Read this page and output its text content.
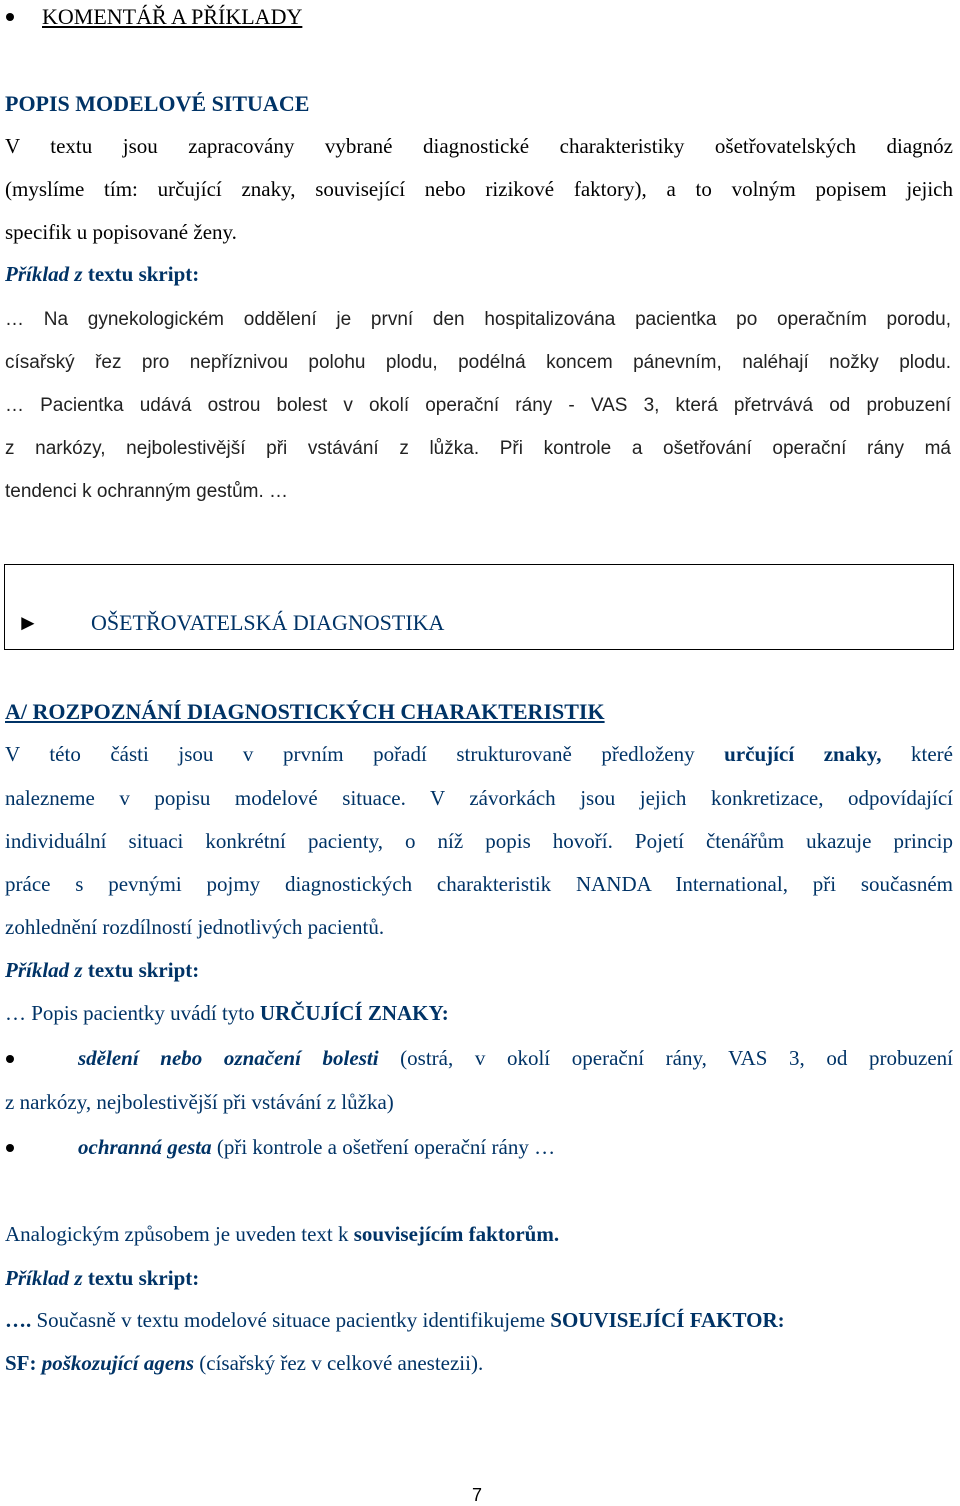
KOMENTÁŘ A PŘÍKLADY
POPIS MODELOVÉ SITUACE
V textu jsou zapracovány vybrané diagnostické charakteristiky ošetřovatelských diagnóz
(myslíme tím: určující znaky, související nebo rizikové faktory), a to volným popisem jejich
specifik u popisované ženy.
Příklad z textu skript:
… Na gynekologickém oddělení je první den hospitalizována pacientka po operačním porodu,
císařský řez pro nepříznivou polohu plodu, podélná koncem pánevním, naléhají nožky plodu.
… Pacientka udává ostrou bolest v okolí operační rány - VAS 3, která přetrvává od probuzení
z narkózy, nejbolestivější při vstávání z lůžka. Při kontrole a ošetřování operační rány má
tendenci k ochranným gestům. …
► OŠETŘOVATELSKÁ DIAGNOSTIKA
A/ ROZPOZNÁNÍ DIAGNOSTICKÝCH CHARAKTERISTIK
V této části jsou v prvním pořadí strukturovaně předloženy určující znaky, které
nalezneme v popisu modelové situace. V závorkách jsou jejich konkretizace, odpovídající
individuální situaci konkrétní pacienty, o níž popis hovoří. Pojetí čtenářům ukazuje princip
práce s pevnými pojmy diagnostických charakteristik NANDA International, při současném
zohlednění rozdílností jednotlivých pacientů.
Příklad z textu skript:
… Popis pacientky uvádí tyto URČUJÍCÍ ZNAKY:
sdělení nebo označení bolesti (ostrá, v okolí operační rány, VAS 3, od probuzení
z narkózy, nejbolestivější při vstávání z lůžka)
ochranná gesta (při kontrole a ošetření operační rány …
Analogickým způsobem je uveden text k souvisejícím faktorům.
Příklad z textu skript:
…. Současně v textu modelové situace pacientky identifikujeme SOUVISEJÍCÍ FAKTOR:
SF: poškozující agens (císařský řez v celkové anestezii).
7
